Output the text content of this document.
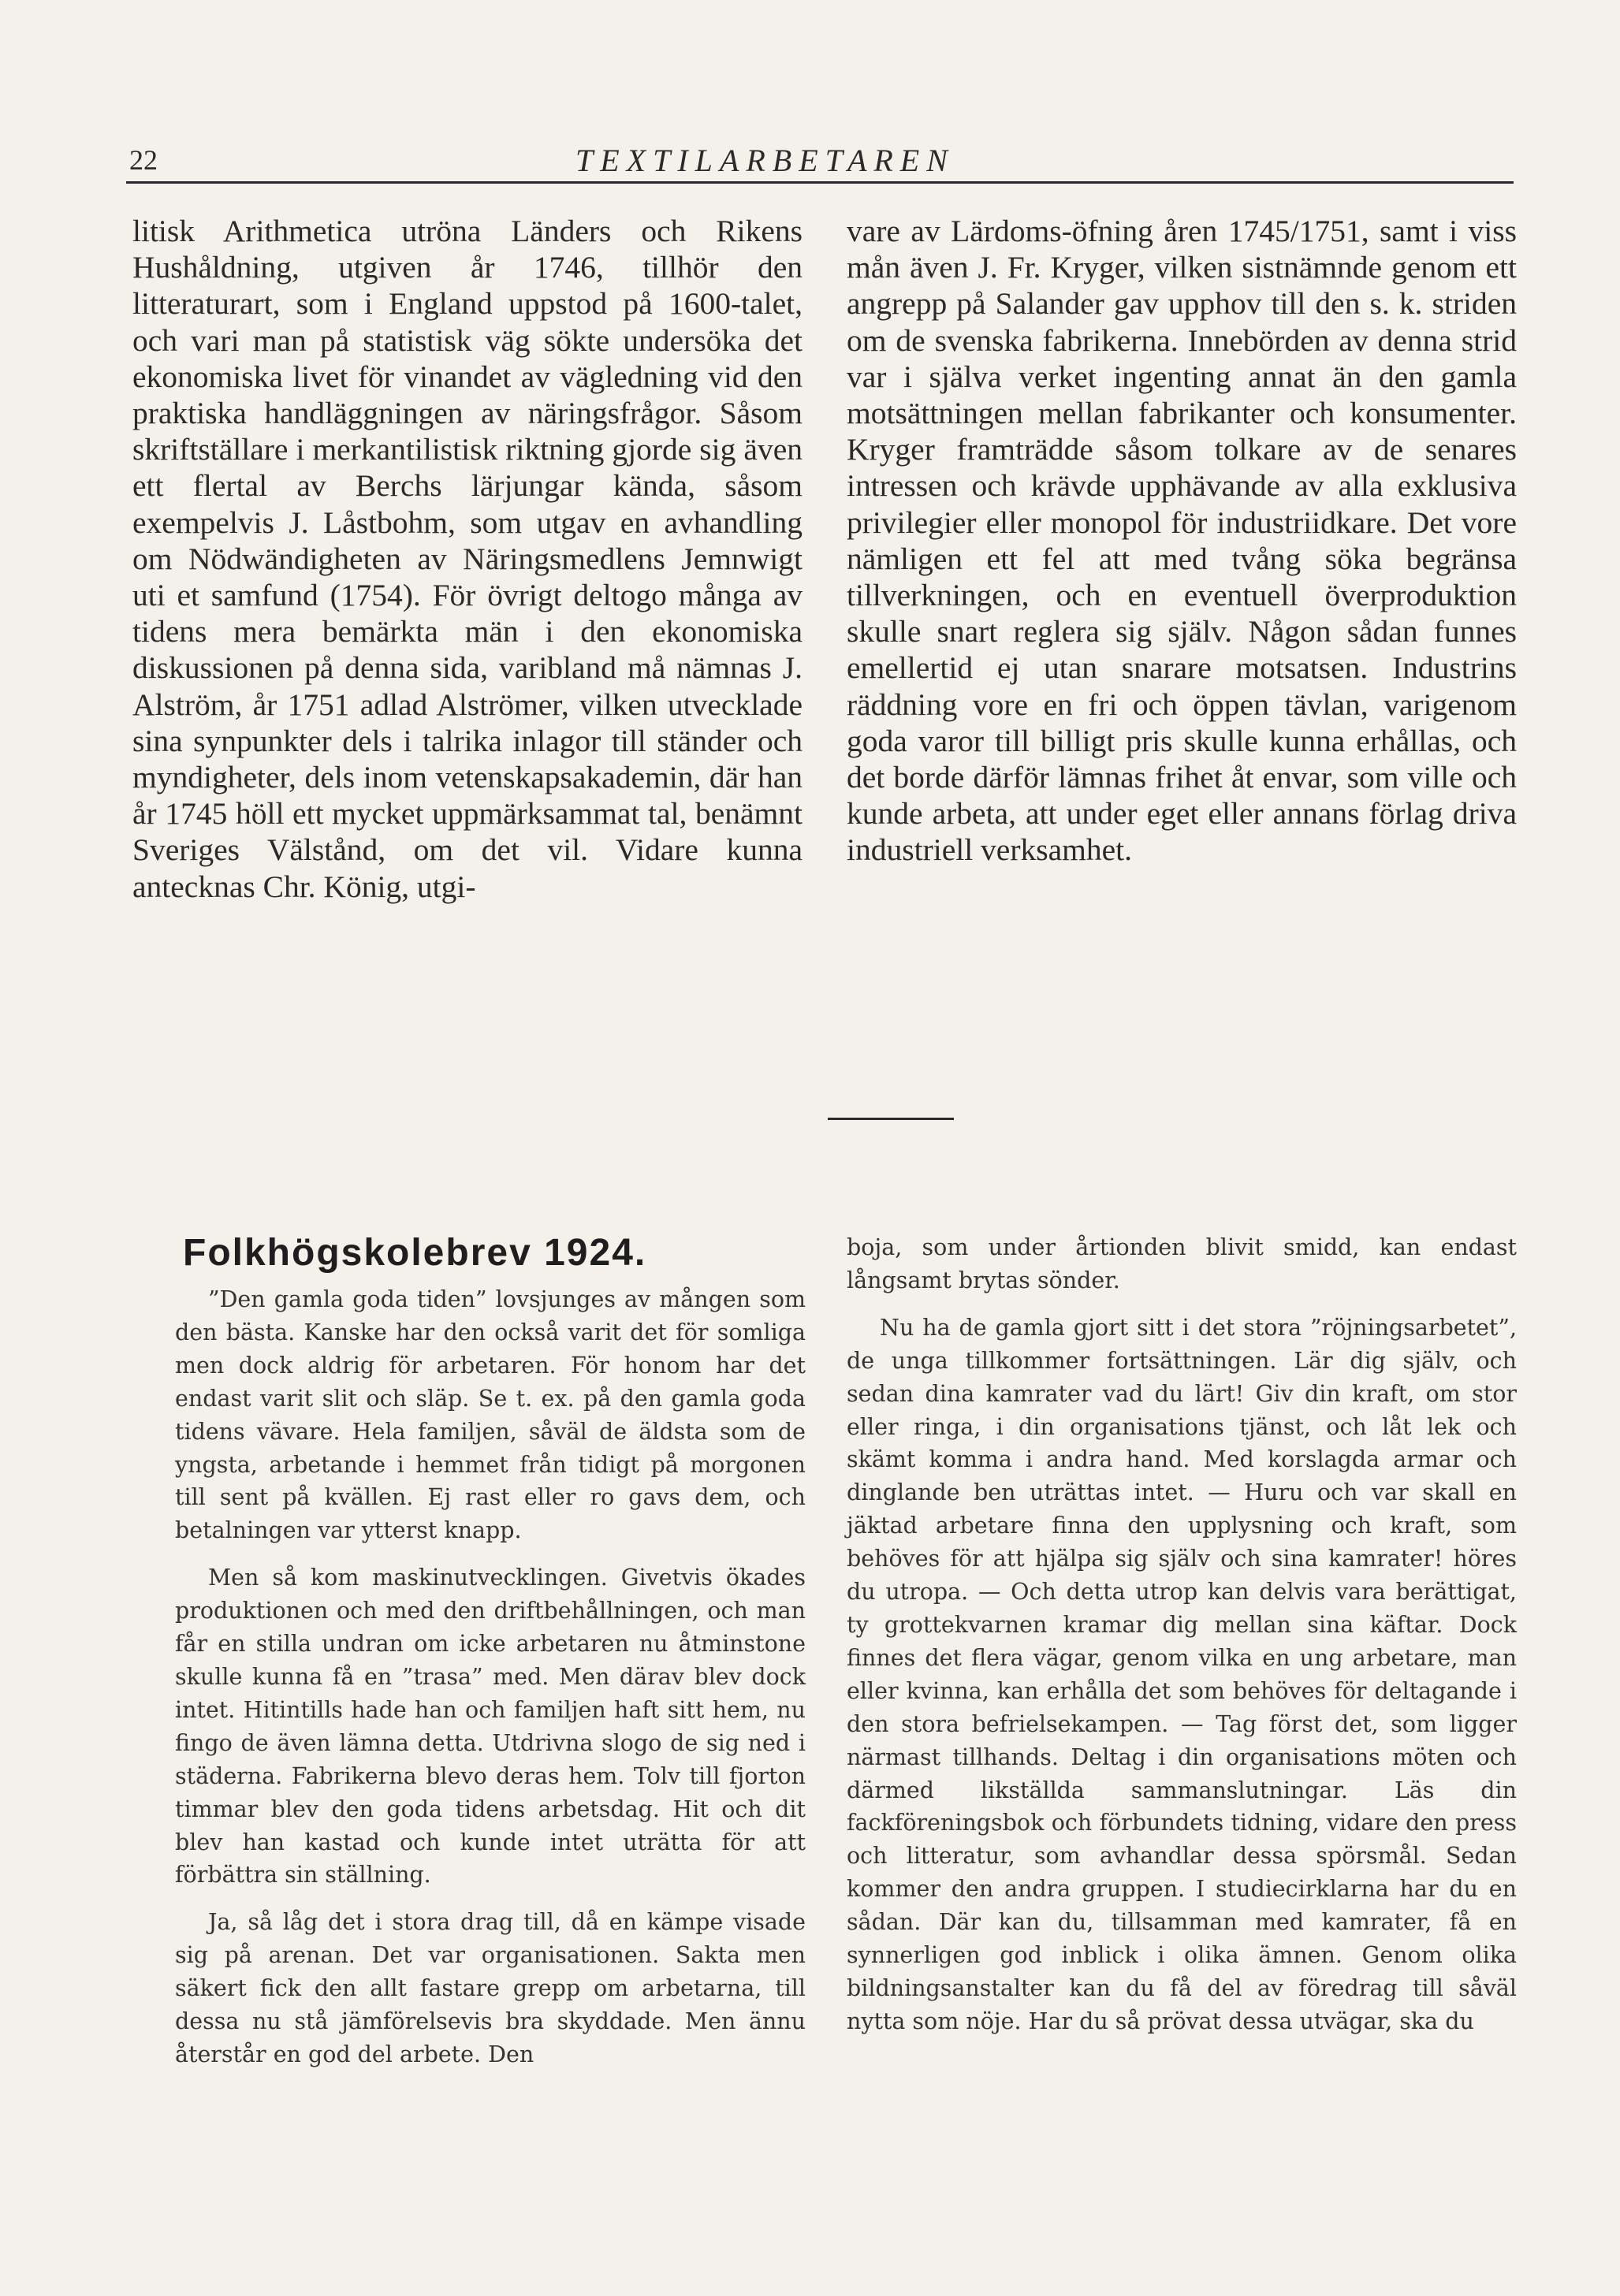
22	TEXTILARBETAREN

litisk Arithmetica utröna Länders och Rikens Hushåldning, utgiven år 1746, tillhör den litteraturart, som i England uppstod på 1600-talet, och vari man på statistisk väg sökte undersöka det ekonomiska livet för vinandet av vägledning vid den praktiska handläggningen av näringsfrågor. Såsom skriftställare i merkantilistisk riktning gjorde sig även ett flertal av Berchs lärjungar kända, såsom exempelvis J. Låstbohm, som utgav en avhandling om Nödwändigheten av Näringsmedlens Jemnwigt uti et samfund (1754). För övrigt deltogo många av tidens mera bemärkta män i den ekonomiska diskussionen på denna sida, varibland må nämnas J. Alström, år 1751 adlad Alströmer, vilken utvecklade sina synpunkter dels i talrika inlagor till ständer och myndigheter, dels inom vetenskapsakademin, där han år 1745 höll ett mycket uppmärksammat tal, benämnt Sveriges Välstånd, om det vil. Vidare kunna antecknas Chr. König, utgi-

vare av Lärdoms-öfning åren 1745/1751, samt i viss mån även J. Fr. Kryger, vilken sistnämnde genom ett angrepp på Salander gav upphov till den s. k. striden om de svenska fabrikerna. Innebörden av denna strid var i själva verket ingenting annat än den gamla motsättningen mellan fabrikanter och konsumenter. Kryger framträdde såsom tolkare av de senares intressen och krävde upphävande av alla exklusiva privilegier eller monopol för industriidkare. Det vore nämligen ett fel att med tvång söka begränsa tillverkningen, och en eventuell överproduktion skulle snart reglera sig själv. Någon sådan funnes emellertid ej utan snarare motsatsen. Industrins räddning vore en fri och öppen tävlan, varigenom goda varor till billigt pris skulle kunna erhållas, och det borde därför lämnas frihet åt envar, som ville och kunde arbeta, att under eget eller annans förlag driva industriell verksamhet.

Folkhögskolebrev 1924.

”Den gamla goda tiden” lovsjunges av mången som den bästa. Kanske har den också varit det för somliga men dock aldrig för arbetaren. För honom har det endast varit slit och släp. Se t. ex. på den gamla goda tidens vävare. Hela familjen, såväl de äldsta som de yngsta, arbetande i hemmet från tidigt på morgonen till sent på kvällen. Ej rast eller ro gavs dem, och betalningen var ytterst knapp.

Men så kom maskinutvecklingen. Givetvis ökades produktionen och med den driftbehållningen, och man får en stilla undran om icke arbetaren nu åtminstone skulle kunna få en ”trasa” med. Men därav blev dock intet. Hitintills hade han och familjen haft sitt hem, nu fingo de även lämna detta. Utdrivna slogo de sig ned i städerna. Fabrikerna blevo deras hem. Tolv till fjorton timmar blev den goda tidens arbetsdag. Hit och dit blev han kastad och kunde intet uträtta för att förbättra sin ställning.

Ja, så låg det i stora drag till, då en kämpe visade sig på arenan. Det var organisationen. Sakta men säkert fick den allt fastare grepp om arbetarna, till dessa nu stå jämförelsevis bra skyddade. Men ännu återstår en god del arbete. Den

boja, som under årtionden blivit smidd, kan endast långsamt brytas sönder.

Nu ha de gamla gjort sitt i det stora ”röjningsarbetet”, de unga tillkommer fortsättningen. Lär dig själv, och sedan dina kamrater vad du lärt! Giv din kraft, om stor eller ringa, i din organisations tjänst, och låt lek och skämt komma i andra hand. Med korslagda armar och dinglande ben uträttas intet. — Huru och var skall en jäktad arbetare finna den upplysning och kraft, som behöves för att hjälpa sig själv och sina kamrater! höres du utropa. — Och detta utrop kan delvis vara berättigat, ty grottekvarnen kramar dig mellan sina käftar. Dock finnes det flera vägar, genom vilka en ung arbetare, man eller kvinna, kan erhålla det som behöves för deltagande i den stora befrielsekampen. — Tag först det, som ligger närmast tillhands. Deltag i din organisations möten och därmed likställda sammanslutningar. Läs din fackföreningsbok och förbundets tidning, vidare den press och litteratur, som avhandlar dessa spörsmål. Sedan kommer den andra gruppen. I studiecirklarna har du en sådan. Där kan du, tillsamman med kamrater, få en synnerligen god inblick i olika ämnen. Genom olika bildningsanstalter kan du få del av föredrag till såväl nytta som nöje. Har du så prövat dessa utvägar, ska du
